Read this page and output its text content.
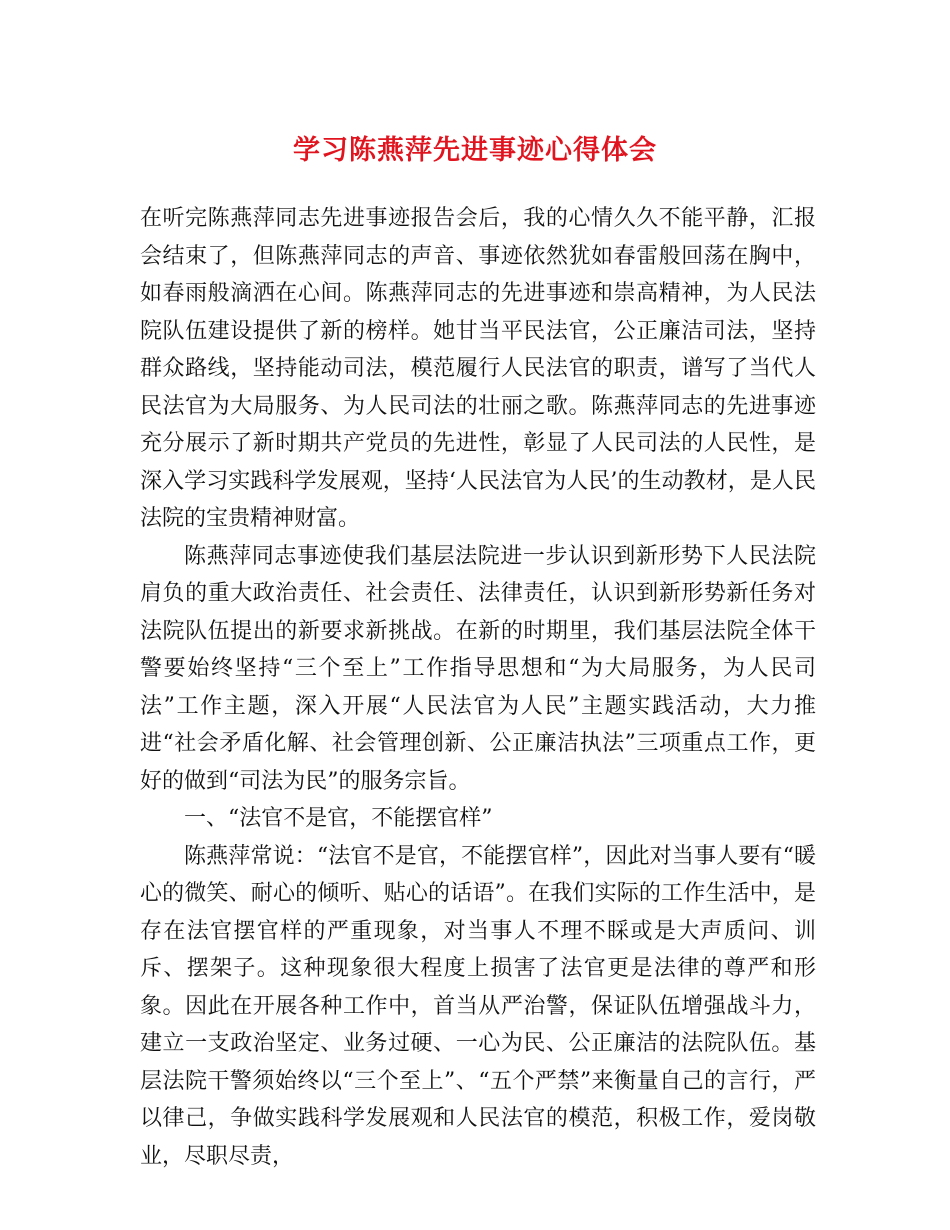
学习陈燕萍先进事迹心得体会

在听完陈燕萍同志先进事迹报告会后，我的心情久久不能平静，汇报会结束了，但陈燕萍同志的声音、事迹依然犹如春雷般回荡在胸中，如春雨般滴洒在心间。陈燕萍同志的先进事迹和崇高精神，为人民法院队伍建设提供了新的榜样。她甘当平民法官，公正廉洁司法，坚持群众路线，坚持能动司法，模范履行人民法官的职责，谱写了当代人民法官为大局服务、为人民司法的壮丽之歌。陈燕萍同志的先进事迹充分展示了新时期共产党员的先进性，彰显了人民司法的人民性，是深入学习实践科学发展观，坚持‘人民法官为人民’的生动教材，是人民法院的宝贵精神财富。

陈燕萍同志事迹使我们基层法院进一步认识到新形势下人民法院肩负的重大政治责任、社会责任、法律责任，认识到新形势新任务对法院队伍提出的新要求新挑战。在新的时期里，我们基层法院全体干警要始终坚持“三个至上”工作指导思想和“为大局服务，为人民司法”工作主题，深入开展“人民法官为人民”主题实践活动，大力推进“社会矛盾化解、社会管理创新、公正廉洁执法”三项重点工作，更好的做到“司法为民”的服务宗旨。

一、“法官不是官，不能摆官样”

陈燕萍常说：“法官不是官，不能摆官样”，因此对当事人要有“暖心的微笑、耐心的倾听、贴心的话语”。在我们实际的工作生活中，是存在法官摆官样的严重现象，对当事人不理不睬或是大声质问、训斥、摆架子。这种现象很大程度上损害了法官更是法律的尊严和形象。因此在开展各种工作中，首当从严治警，保证队伍增强战斗力，建立一支政治坚定、业务过硬、一心为民、公正廉洁的法院队伍。基层法院干警须始终以“三个至上”、“五个严禁”来衡量自己的言行，严以律己，争做实践科学发展观和人民法官的模范，积极工作，爱岗敬业，尽职尽责，
